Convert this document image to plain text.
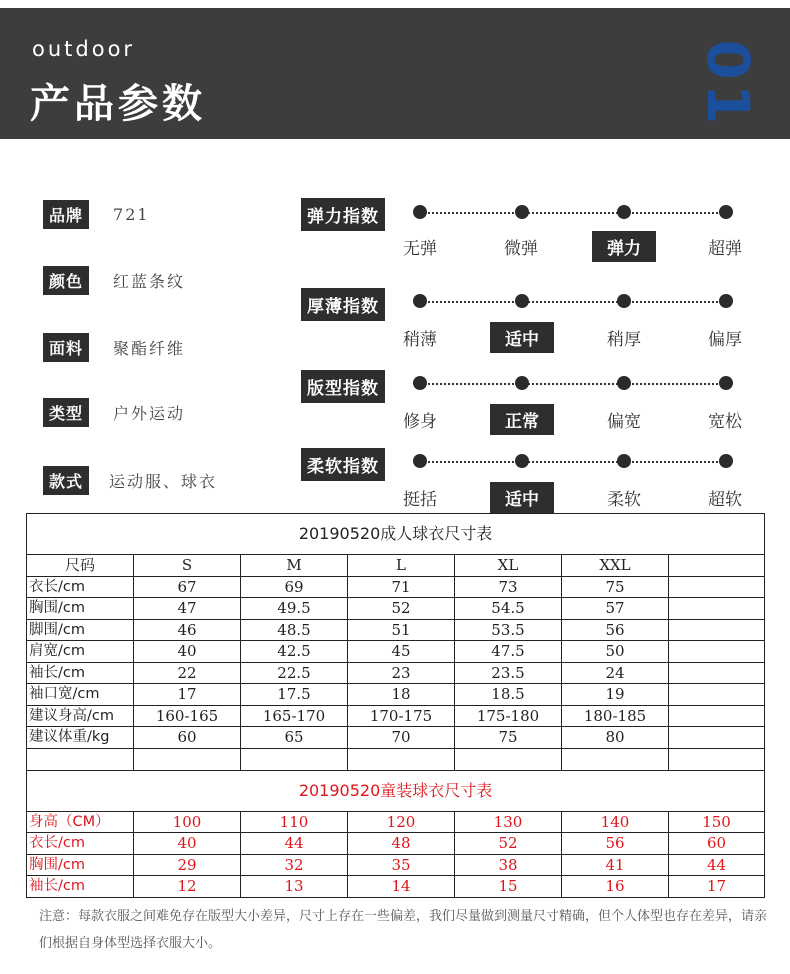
outdoor
产品参数	01
品牌	721
颜色	红蓝条纹
面料	聚酯纤维
类型	户外运动
款式	运动服、球衣
弹力指数
无弹	微弹	弹力	超弹
厚薄指数
稍薄	适中	稍厚	偏厚
版型指数
修身	正常	偏宽	宽松
柔软指数
挺括	适中	柔软	超软
20190520成人球衣尺寸表						
尺码	S	M	L	XL	XXL	
衣长/cm	67	69	71	73	75	
胸围/cm	47	49.5	52	54.5	57	
脚围/cm	46	48.5	51	53.5	56	
肩宽/cm	40	42.5	45	47.5	50	
袖长/cm	22	22.5	23	23.5	24	
袖口宽/cm	17	17.5	18	18.5	19	
建议身高/cm	160-165	165-170	170-175	175-180	180-185	
建议体重/kg	60	65	70	75	80	

20190520童装球衣尺寸表						
身高（CM）	100	110	120	130	140	150
衣长/cm	40	44	48	52	56	60
胸围/cm	29	32	35	38	41	44
袖长/cm	12	13	14	15	16	17
注意：每款衣服之间难免存在版型大小差异，尺寸上存在一些偏差，我们尽量做到测量尺寸精确，但个人体型也存在差异，请亲们根据自身体型选择衣服大小。
